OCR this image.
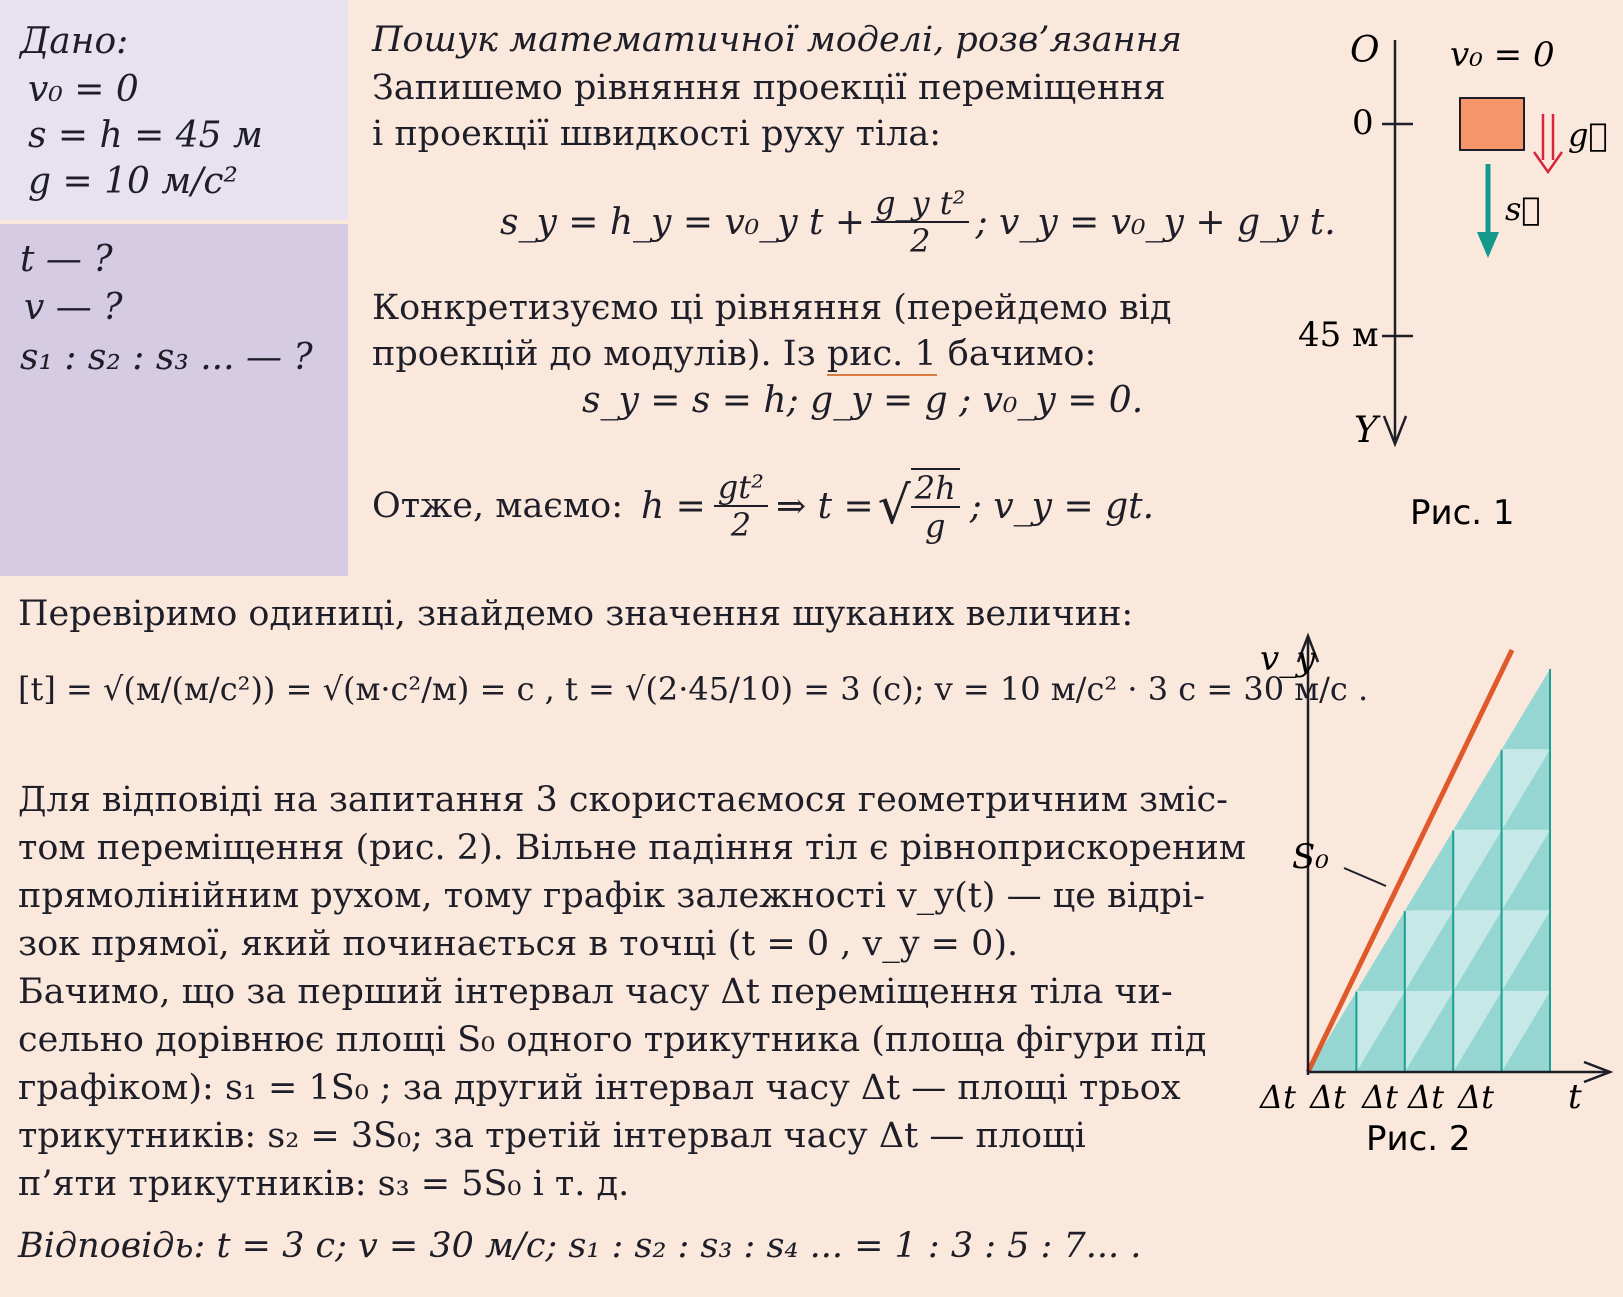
Дано:
v₀ = 0
s = h = 45 м
g = 10 м/с²
t — ?
v — ?
s₁ : s₂ : s₃ ... — ?
Пошук математичної моделі, розв’язання
Запишемо рівняння проекції переміщення
і проекції швидкості руху тіла:
s_y = h_y = v₀_y $t + \frac{\text{g\_y t²}}{2}$ ; v_y = v₀_y + g_y t.
Конкретизуємо ці рівняння (перейдемо від
проекцій до модулів). Із рис. 1 бачимо:
s_y = s = h; g_y = g ; v₀_y = 0.
Отже, маємо: $h = \frac{\text{gt²}}{2}$ ⇒ t = √ $\frac{2h}{g}$ ; v_y = gt.
O
Y
0
45 м
v₀ = 0
g⃗
s⃗
Рис. 1
Перевіримо одиниці, знайдемо значення шуканих величин:
[t] = √(м/(м/с²)) = √(м·с²/м) = с , t = √(2·45/10) = 3 (с); v = 10 м/с² · 3 с = 30 м/с .
Для відповіді на запитання 3 скористаємося геометричним зміс-
том переміщення (рис. 2). Вільне падіння тіл є рівноприскореним
прямолінійним рухом, тому графік залежності v_y(t) — це відрі-
зок прямої, який починається в точці (t = 0 , v_y = 0).
Бачимо, що за перший інтервал часу Δt переміщення тіла чи-
сельно дорівнює площі S₀ одного трикутника (площа фігури під
графіком): s₁ = 1S₀ ; за другий інтервал часу Δt — площі трьох
трикутників: s₂ = 3S₀; за третій інтервал часу Δt — площі
п’яти трикутників: s₃ = 5S₀ і т. д.
Відповідь: t = 3 с; v = 30 м/с; s₁ : s₂ : s₃ : s₄ ... = 1 : 3 : 5 : 7... .
v_y
t
S₀
Δt Δt Δt Δt Δt
Рис. 2
